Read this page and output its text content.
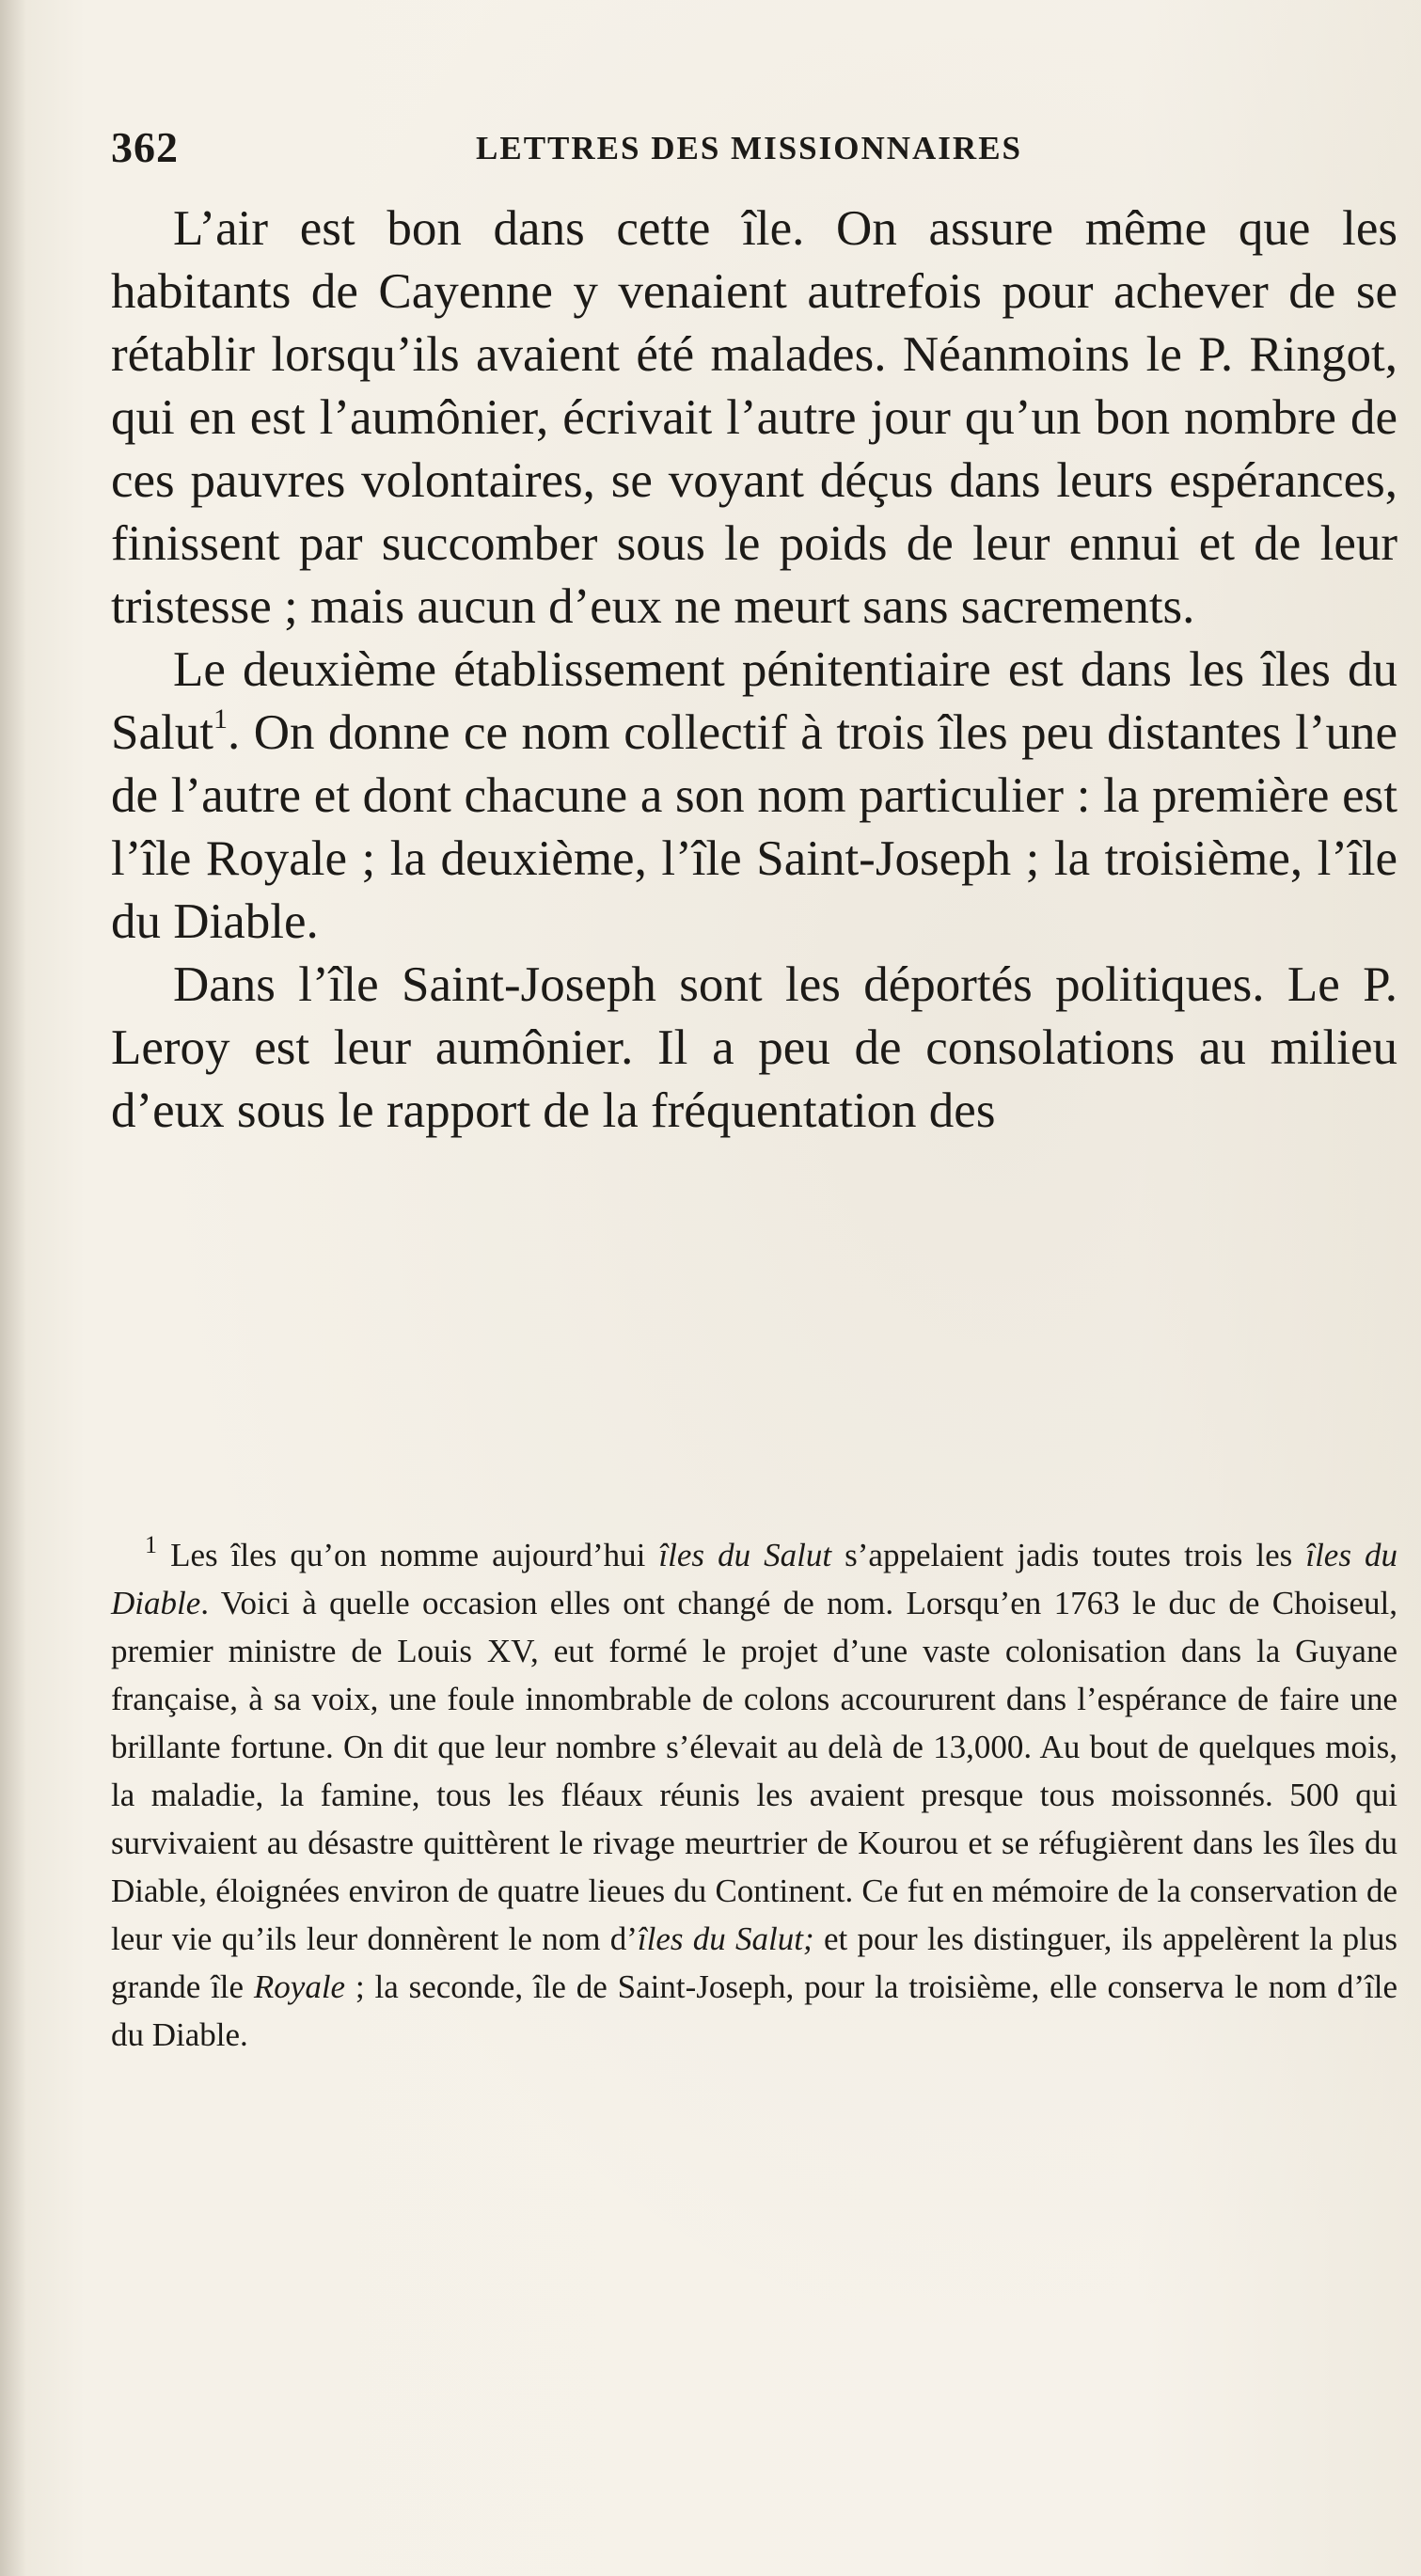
362	LETTRES DES MISSIONNAIRES

L’air est bon dans cette île. On assure même que les habitants de Cayenne y venaient autrefois pour achever de se rétablir lorsqu’ils avaient été malades. Néanmoins le P. Ringot, qui en est l’aumônier, écrivait l’autre jour qu’un bon nombre de ces pauvres volontaires, se voyant déçus dans leurs espérances, finissent par succomber sous le poids de leur ennui et de leur tristesse ; mais aucun d’eux ne meurt sans sacrements.

Le deuxième établissement pénitentiaire est dans les îles du Salut$^1$. On donne ce nom collectif à trois îles peu distantes l’une de l’autre et dont chacune a son nom particulier : la première est l’île Royale ; la deuxième, l’île Saint-Joseph ; la troisième, l’île du Diable.

Dans l’île Saint-Joseph sont les déportés politiques. Le P. Leroy est leur aumônier. Il a peu de consolations au milieu d’eux sous le rapport de la fréquentation des

$^1$ Les îles qu’on nomme aujourd’hui îles du Salut s’appelaient jadis toutes trois les îles du Diable. Voici à quelle occasion elles ont changé de nom. Lorsqu’en 1763 le duc de Choiseul, premier ministre de Louis XV, eut formé le projet d’une vaste colonisation dans la Guyane française, à sa voix, une foule innombrable de colons accoururent dans l’espérance de faire une brillante fortune. On dit que leur nombre s’élevait au delà de 13,000. Au bout de quelques mois, la maladie, la famine, tous les fléaux réunis les avaient presque tous moissonnés. 500 qui survivaient au désastre quittèrent le rivage meurtrier de Kourou et se réfugièrent dans les îles du Diable, éloignées environ de quatre lieues du Continent. Ce fut en mémoire de la conservation de leur vie qu’ils leur donnèrent le nom d’îles du Salut; et pour les distinguer, ils appelèrent la plus grande île Royale ; la seconde, île de Saint-Joseph, pour la troisième, elle conserva le nom d’île du Diable.
